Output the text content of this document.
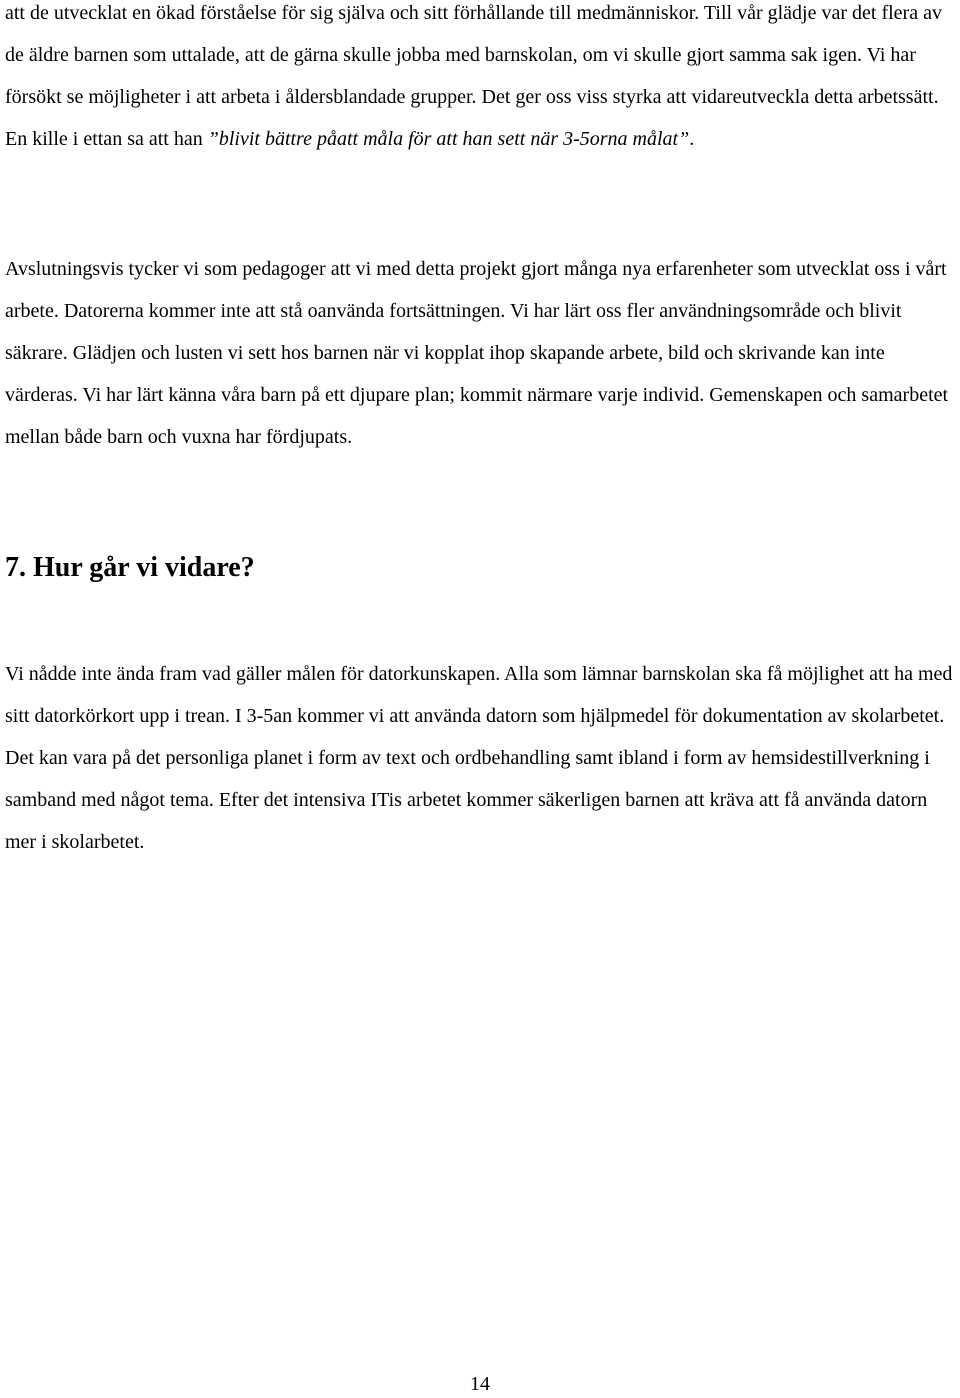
att de utvecklat en ökad förståelse för sig själva och sitt förhållande till medmänniskor. Till vår glädje var det flera av de äldre barnen som uttalade, att de gärna skulle jobba med barnskolan, om vi skulle gjort samma sak igen. Vi har försökt se möjligheter i att arbeta i åldersblandade grupper. Det ger oss viss styrka att vidareutveckla detta arbetssätt. En kille i ettan sa att han ”blivit bättre påatt måla för att han sett när 3-5orna målat”.

Avslutningsvis tycker vi som pedagoger att vi med detta projekt gjort många nya erfarenheter som utvecklat oss i vårt arbete. Datorerna kommer inte att stå oanvända fortsättningen. Vi har lärt oss fler användningsområde och blivit säkrare. Glädjen och lusten vi sett hos barnen när vi kopplat ihop skapande arbete, bild och skrivande kan inte värderas. Vi har lärt känna våra barn på ett djupare plan; kommit närmare varje individ. Gemenskapen och samarbetet mellan både barn och vuxna har fördjupats.

7. Hur går vi vidare?

Vi nådde inte ända fram vad gäller målen för datorkunskapen. Alla som lämnar barnskolan ska få möjlighet att ha med sitt datorkörkort upp i trean. I 3-5an kommer vi att använda datorn som hjälpmedel för dokumentation av skolarbetet. Det kan vara på det personliga planet i form av text och ordbehandling samt ibland i form av hemsidestillverkning i samband med något tema. Efter det intensiva ITis arbetet kommer säkerligen barnen att kräva att få använda datorn mer i skolarbetet.

14
